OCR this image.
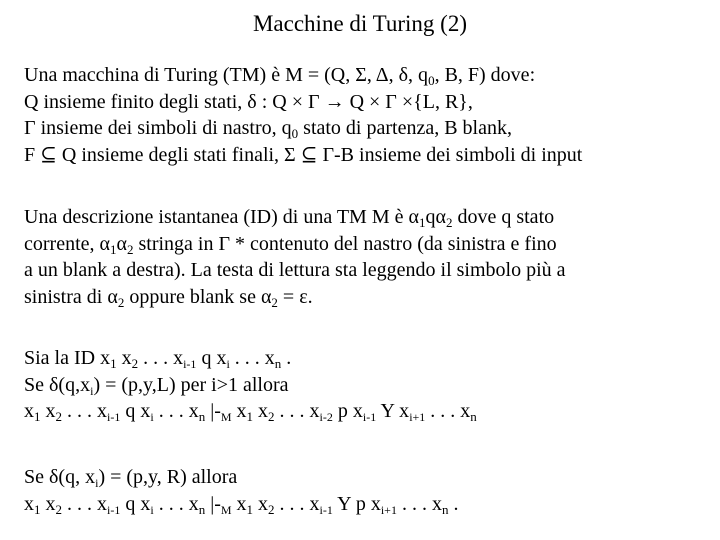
Macchine di Turing (2)
Una macchina di Turing (TM) è M = (Q, Σ, Δ, δ, $q_0$, B, F) dove:
Q insieme finito degli stati, δ : Q × Γ → Q × Γ ×{L, R},
Γ insieme dei simboli di nastro, $q_0$ stato di partenza, B blank,
F ⊆ Q insieme degli stati finali, Σ ⊆ Γ-B insieme dei simboli di input
Una descrizione istantanea (ID) di una TM M è $\alpha_1q\alpha_2$ dove q stato
corrente, $\alpha_1\alpha_2$ stringa in Γ * contenuto del nastro (da sinistra e fino
a un blank a destra). La testa di lettura sta leggendo il simbolo più a
sinistra di $\alpha_2$ oppure blank se $\alpha_2 = \varepsilon$.
Sia la ID $x_1$ $x_2$ . . . $x_{i-1}$ q $x_i$ . . . $x_n$ .
Se $\delta(q,x_i) = (p,y,L)$ per i>1 allora
$x_1$ $x_2$ . . . $x_{i-1}$ q $x_i$ . . . $x_n$ $|-_M$ $x_1$ $x_2$ . . . $x_{i-2}$ p $x_{i-1}$ Y $x_{i+1}$ . . . $x_n$
Se δ(q, $x_i) = (p,y$, R) allora
$x_1$ $x_2$ . . . $x_{i-1}$ q $x_i$ . . . $x_n$ $|-_M$ $x_1$ $x_2$ . . . $x_{i-1}$ Y p $x_{i+1}$ . . . $x_n$ .
